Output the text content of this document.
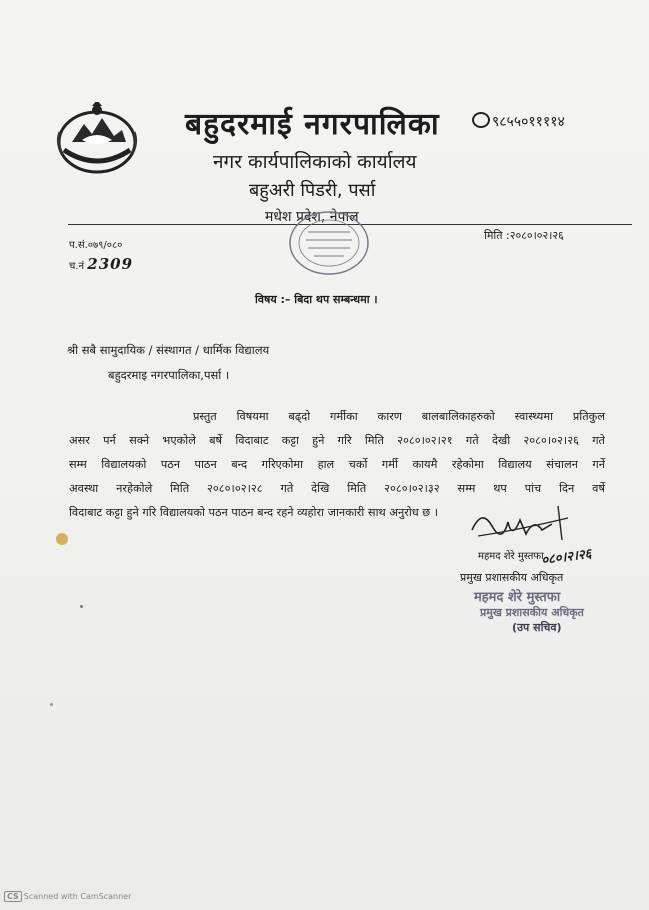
बहुदरमाई नगरपालिका	९८५५०११११४
नगर कार्यपालिकाको कार्यालय
बहुअरी पिडरी, पर्सा
मधेश प्रदेश, नेपाल
प.सं.०७९/०८०
च.नं 2309
मिति :२०८०।०२।२६
विषय :– बिदा थप सम्बन्धमा ।
श्री सबै सामुदायिक / संस्थागत / धार्मिक विद्यालय
बहुदरमाइ नगरपालिका,पर्सा ।
प्रस्तुत विषयमा बढ्दो गर्मीका कारण बालबालिकाहरुको स्वास्थ्यमा प्रतिकुल
असर पर्न सक्ने भएकोले बर्षे विदाबाट कट्टा हुने गरि मिति २०८०।०२।२१ गते देखी २०८०।०२।२६ गते
सम्म विद्यालयको पठन पाठन बन्द गरिएकोमा हाल चर्को गर्मी कायमै रहेकोमा विद्यालय संचालन गर्ने
अवस्था नरहेकोले मिति २०८०।०२।२८ गते देखि मिति २०८०।०२।३२ सम्म थप पांच दिन वर्षे
विदाबाट कट्टा हुने गरि विद्यालयको पठन पाठन बन्द रहने व्यहोरा जानकारी साथ अनुरोध छ ।
महमद शेरे मुस्तफा
०८०।२।२६
प्रमुख प्रशासकीय अधिकृत
महमद शेरे मुस्तफा
प्रमुख प्रशासकीय अधिकृत
(उप सचिव)
CS Scanned with CamScanner
